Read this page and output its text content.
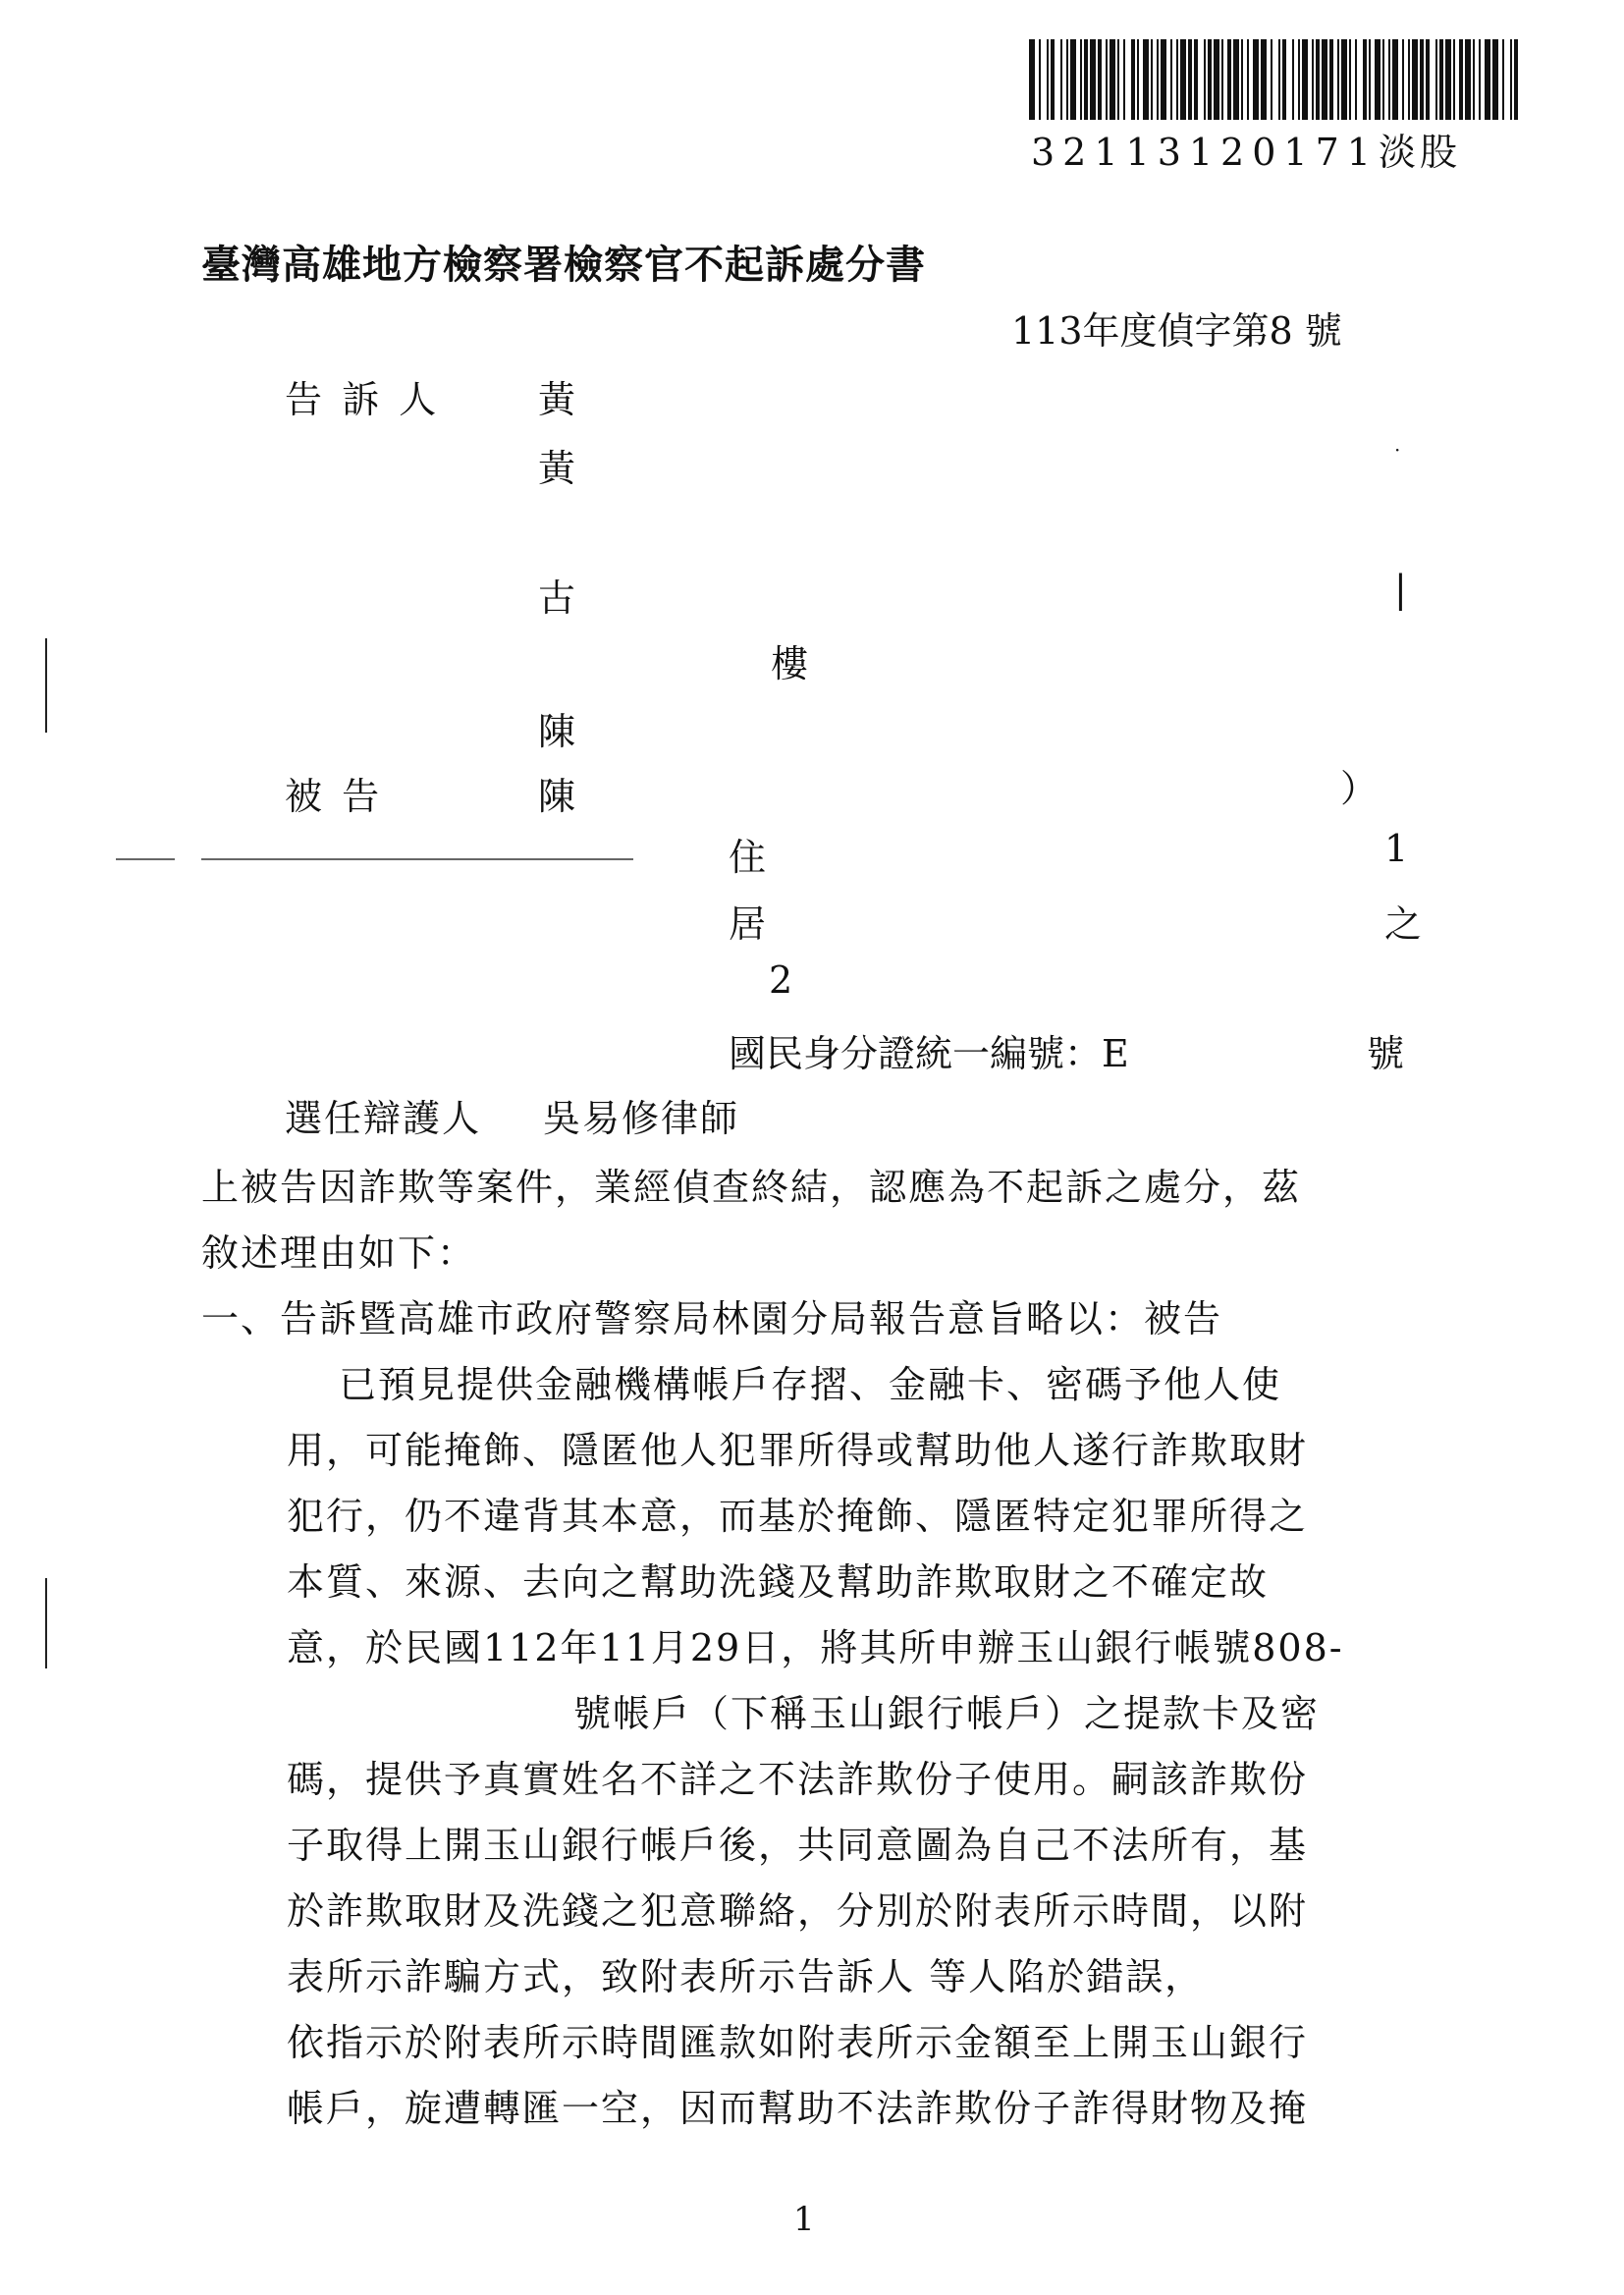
32113120171淡股
臺灣高雄地方檢察署檢察官不起訴處分書
113年度偵字第8 號
告 訴 人	黃
黃
古	|
·
樓
陳
被 告	陳	）
住	1
居	之
2
國民身分證統一編號：E	號
選任辯護人 吳易修律師
上被告因詐欺等案件，業經偵查終結，認應為不起訴之處分，茲
敘述理由如下：
一、告訴暨高雄市政府警察局林園分局報告意旨略以：被告
已預見提供金融機構帳戶存摺、金融卡、密碼予他人使
用，可能掩飾、隱匿他人犯罪所得或幫助他人遂行詐欺取財
犯行，仍不違背其本意，而基於掩飾、隱匿特定犯罪所得之
本質、來源、去向之幫助洗錢及幫助詐欺取財之不確定故
意，於民國112年11月29日，將其所申辦玉山銀行帳號808-
號帳戶（下稱玉山銀行帳戶）之提款卡及密
碼，提供予真實姓名不詳之不法詐欺份子使用。嗣該詐欺份
子取得上開玉山銀行帳戶後，共同意圖為自己不法所有，基
於詐欺取財及洗錢之犯意聯絡，分別於附表所示時間，以附
表所示詐騙方式，致附表所示告訴人 等人陷於錯誤，
依指示於附表所示時間匯款如附表所示金額至上開玉山銀行
帳戶，旋遭轉匯一空，因而幫助不法詐欺份子詐得財物及掩
1
